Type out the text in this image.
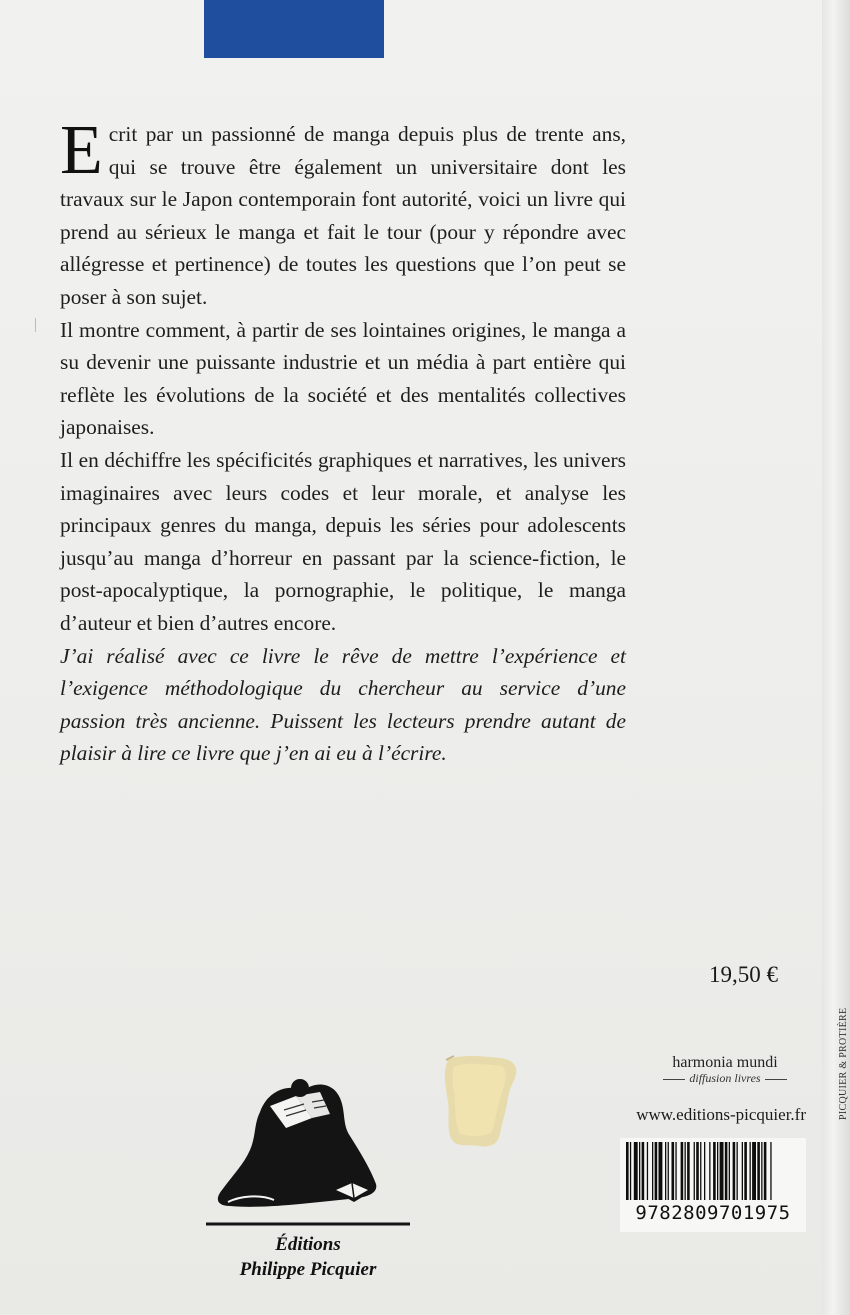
Ecrit par un passionné de manga depuis plus de trente ans, qui se trouve être également un universitaire dont les travaux sur le Japon contemporain font autorité, voici un livre qui prend au sérieux le manga et fait le tour (pour y répondre avec allégresse et pertinence) de toutes les questions que l’on peut se poser à son sujet.

Il montre comment, à partir de ses lointaines origines, le manga a su devenir une puissante industrie et un média à part entière qui reflète les évolutions de la société et des mentalités collectives japonaises.

Il en déchiffre les spécificités graphiques et narratives, les univers imaginaires avec leurs codes et leur morale, et analyse les principaux genres du manga, depuis les séries pour adolescents jusqu’au manga d’horreur en passant par la science-fiction, le post-apocalyptique, la pornographie, le politique, le manga d’auteur et bien d’autres encore.

J’ai réalisé avec ce livre le rêve de mettre l’expérience et l’exigence méthodologique du chercheur au service d’une passion très ancienne. Puissent les lecteurs prendre autant de plaisir à lire ce livre que j’en ai eu à l’écrire.

19,50 €
harmonia mundi
diffusion livres	PICQUIER & PROTIÈRE
www.editions-picquier.fr
Éditions
Philippe Picquier
9782809701975
